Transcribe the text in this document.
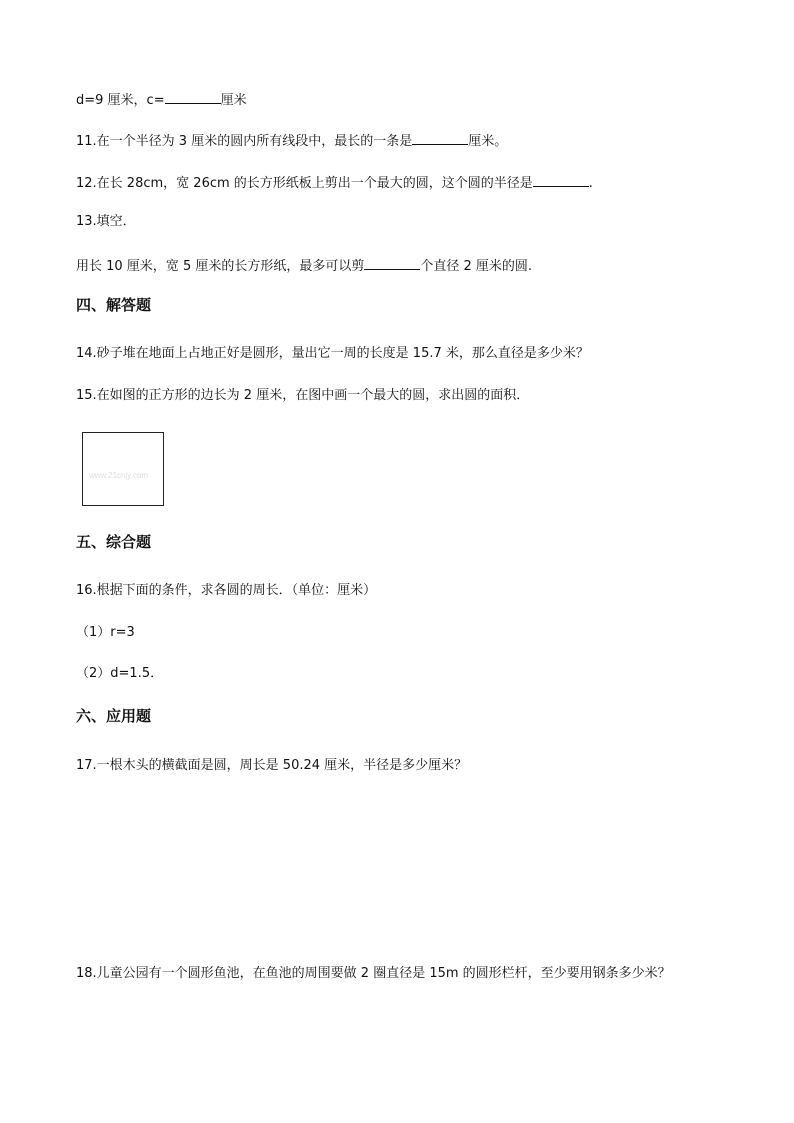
d=9 厘米，c=	厘米
11.在一个半径为 3 厘米的圆内所有线段中，最长的一条是	厘米。
12.在长 28cm，宽 26cm 的长方形纸板上剪出一个最大的圆，这个圆的半径是	.
13.填空．
用长 10 厘米，宽 5 厘米的长方形纸，最多可以剪	个直径 2 厘米的圆.
四、解答题
14.砂子堆在地面上占地正好是圆形，量出它一周的长度是 15.7 米，那么直径是多少米？
15.在如图的正方形的边长为 2 厘米，在图中画一个最大的圆，求出圆的面积．
www.21cnjy.com
五、综合题
16.根据下面的条件，求各圆的周长．（单位：厘米）
（1）r=3
（2）d=1.5．
六、应用题
17.一根木头的横截面是圆，周长是 50.24 厘米，半径是多少厘米？
18.儿童公园有一个圆形鱼池，在鱼池的周围要做 2 圈直径是 15m 的圆形栏杆，至少要用钢条多少米？
